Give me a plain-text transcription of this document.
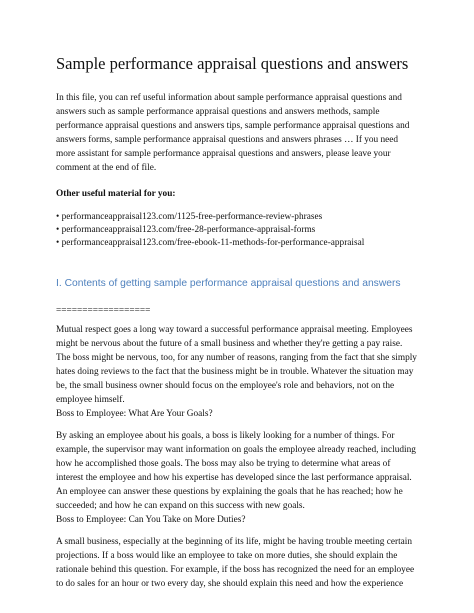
Sample performance appraisal questions and answers

In this file, you can ref useful information about sample performance appraisal questions and
answers such as sample performance appraisal questions and answers methods, sample
performance appraisal questions and answers tips, sample performance appraisal questions and
answers forms, sample performance appraisal questions and answers phrases … If you need
more assistant for sample performance appraisal questions and answers, please leave your
comment at the end of file.

Other useful material for you:
• performanceappraisal123.com/1125-free-performance-review-phrases
• performanceappraisal123.com/free-28-performance-appraisal-forms
• performanceappraisal123.com/free-ebook-11-methods-for-performance-appraisal
I. Contents of getting sample performance appraisal questions and answers
==================

Mutual respect goes a long way toward a successful performance appraisal meeting. Employees
might be nervous about the future of a small business and whether they're getting a pay raise.
The boss might be nervous, too, for any number of reasons, ranging from the fact that she simply
hates doing reviews to the fact that the business might be in trouble. Whatever the situation may
be, the small business owner should focus on the employee's role and behaviors, not on the
employee himself.
Boss to Employee: What Are Your Goals?

By asking an employee about his goals, a boss is likely looking for a number of things. For
example, the supervisor may want information on goals the employee already reached, including
how he accomplished those goals. The boss may also be trying to determine what areas of
interest the employee and how his expertise has developed since the last performance appraisal.
An employee can answer these questions by explaining the goals that he has reached; how he
succeeded; and how he can expand on this success with new goals.
Boss to Employee: Can You Take on More Duties?

A small business, especially at the beginning of its life, might be having trouble meeting certain
projections. If a boss would like an employee to take on more duties, she should explain the
rationale behind this question. For example, if the boss has recognized the need for an employee
to do sales for an hour or two every day, she should explain this need and how the experience
